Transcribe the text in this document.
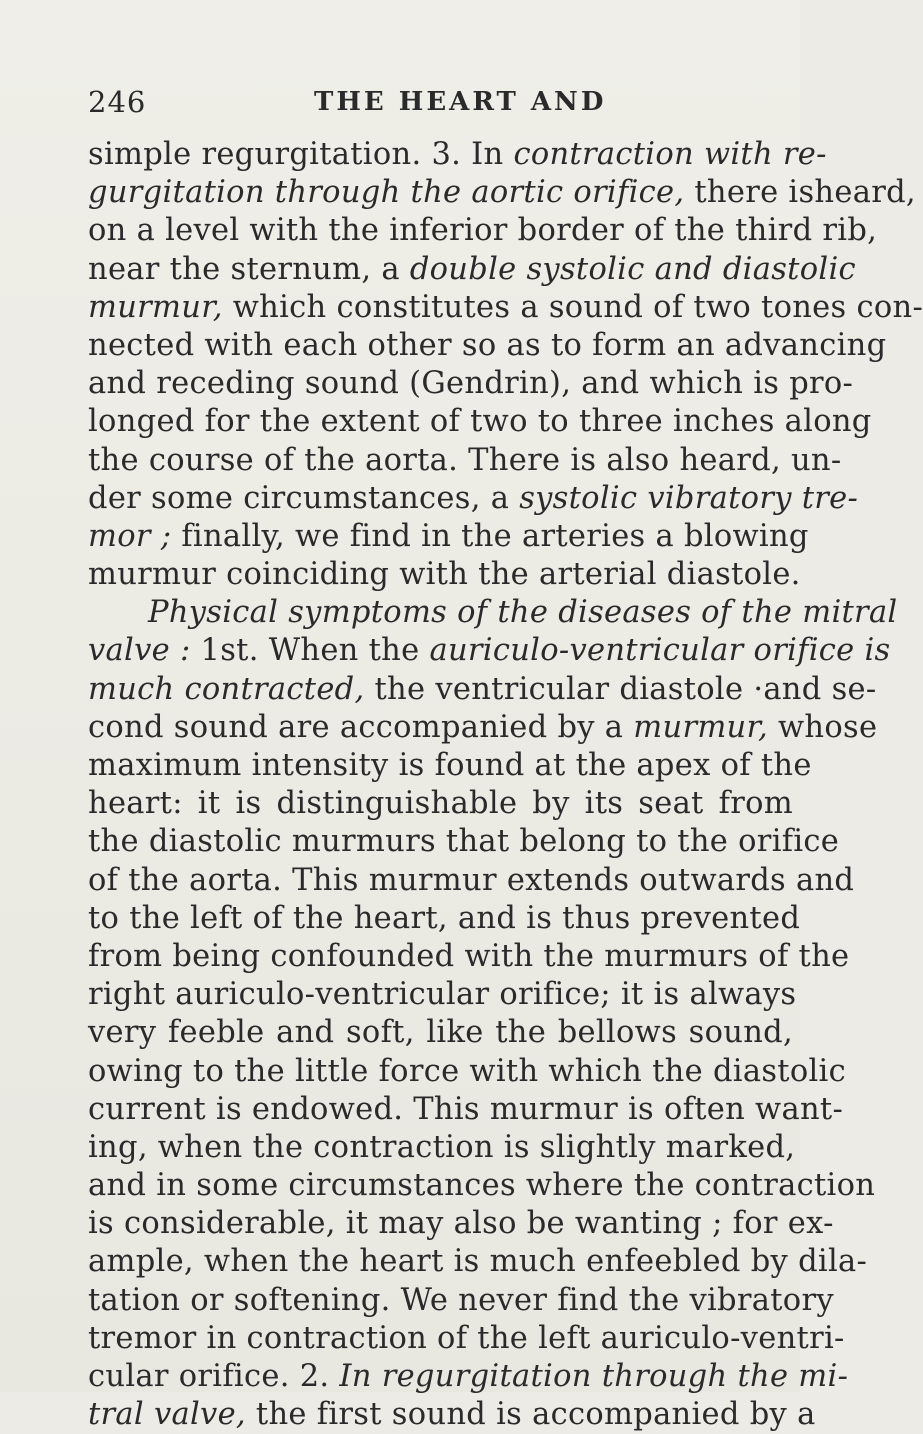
246	THE HEART AND
simple regurgitation. 3. In contraction with re-
gurgitation through the aortic orifice, there isheard,
on a level with the inferior border of the third rib,
near the sternum, a double systolic and diastolic
murmur, which constitutes a sound of two tones con-
nected with each other so as to form an advancing
and receding sound (Gendrin), and which is pro-
longed for the extent of two to three inches along
the course of the aorta. There is also heard, un-
der some circumstances, a systolic vibratory tre-
mor ; finally, we find in the arteries a blowing
murmur coinciding with the arterial diastole.
Physical symptoms of the diseases of the mitral
valve : 1st. When the auriculo-ventricular orifice is
much contracted, the ventricular diastole ·and se-
cond sound are accompanied by a murmur, whose
maximum intensity is found at the apex of the
heart: it is distinguishable by its seat from
the diastolic murmurs that belong to the orifice
of the aorta. This murmur extends outwards and
to the left of the heart, and is thus prevented
from being confounded with the murmurs of the
right auriculo-ventricular orifice; it is always
very feeble and soft, like the bellows sound,
owing to the little force with which the diastolic
current is endowed. This murmur is often want-
ing, when the contraction is slightly marked,
and in some circumstances where the contraction
is considerable, it may also be wanting ; for ex-
ample, when the heart is much enfeebled by dila-
tation or softening. We never find the vibratory
tremor in contraction of the left auriculo-ventri-
cular orifice. 2. In regurgitation through the mi-
tral valve, the first sound is accompanied by a
